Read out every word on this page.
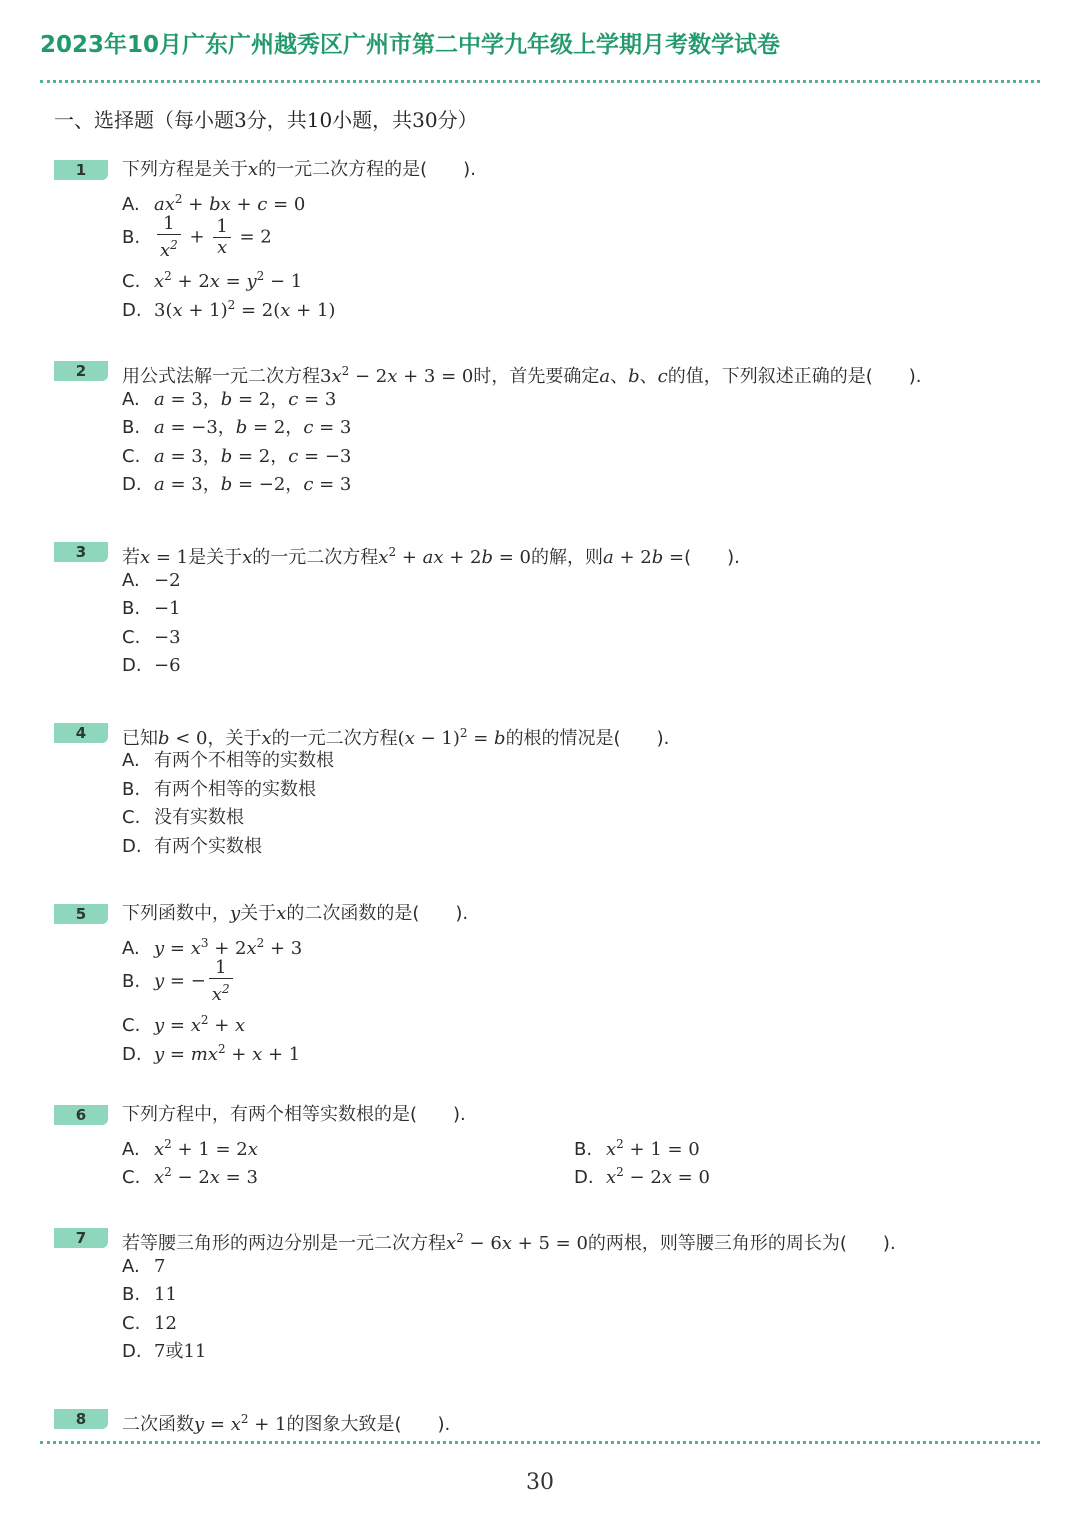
2023年10月广东广州越秀区广州市第二中学九年级上学期月考数学试卷
一、选择题（每小题3分，共10小题，共30分）
1	下列方程是关于x的一元二次方程的是(　　).
A. $ax^2$ + bx + c = 0
B. $\frac{1}{x^2} + \frac{1}{x} = 2$
C. $x^2 + 2x = y^2 - 1$
D. $3(x + 1)^2 = 2(x + 1)$
2	用公式法解一元二次方程$3x^2 - 2x + 3 = 0$时，首先要确定a、b、c的值，下列叙述正确的是(　　).
A. a = 3，b = 2，c = 3
B. a = −3，b = 2，c = 3
C. a = 3，b = 2，c = −3
D. a = 3，b = −2，c = 3
3	若x = 1是关于x的一元二次方程$x^2$ + ax + 2b = 0的解，则a + 2b =(　　).
A. −2
B. −1
C. −3
D. −6
4	已知b < 0，关于x的一元二次方程$(x - 1)^2 = b$的根的情况是(　　).
A. 有两个不相等的实数根
B. 有两个相等的实数根
C. 没有实数根
D. 有两个实数根
5	下列函数中，y关于x的二次函数的是(　　).
A. $y = x^3 + 2x^2 + 3$
B. y = − $\frac{1}{x^2}$
C. $y = x^2 + x$
D. $y = mx^2 + x + 1$
6	下列方程中，有两个相等实数根的是(　　).
A. $x^2 + 1 = 2x$	B. $x^2 + 1 = 0$
C. $x^2 - 2x = 3$	D. $x^2 - 2x = 0$
7	若等腰三角形的两边分别是一元二次方程$x^2 - 6x + 5 = 0$的两根，则等腰三角形的周长为(　　).
A. 7
B. 11
C. 12
D. 7或11
8	二次函数$y = x^2 + 1$的图象大致是(　　).
30
